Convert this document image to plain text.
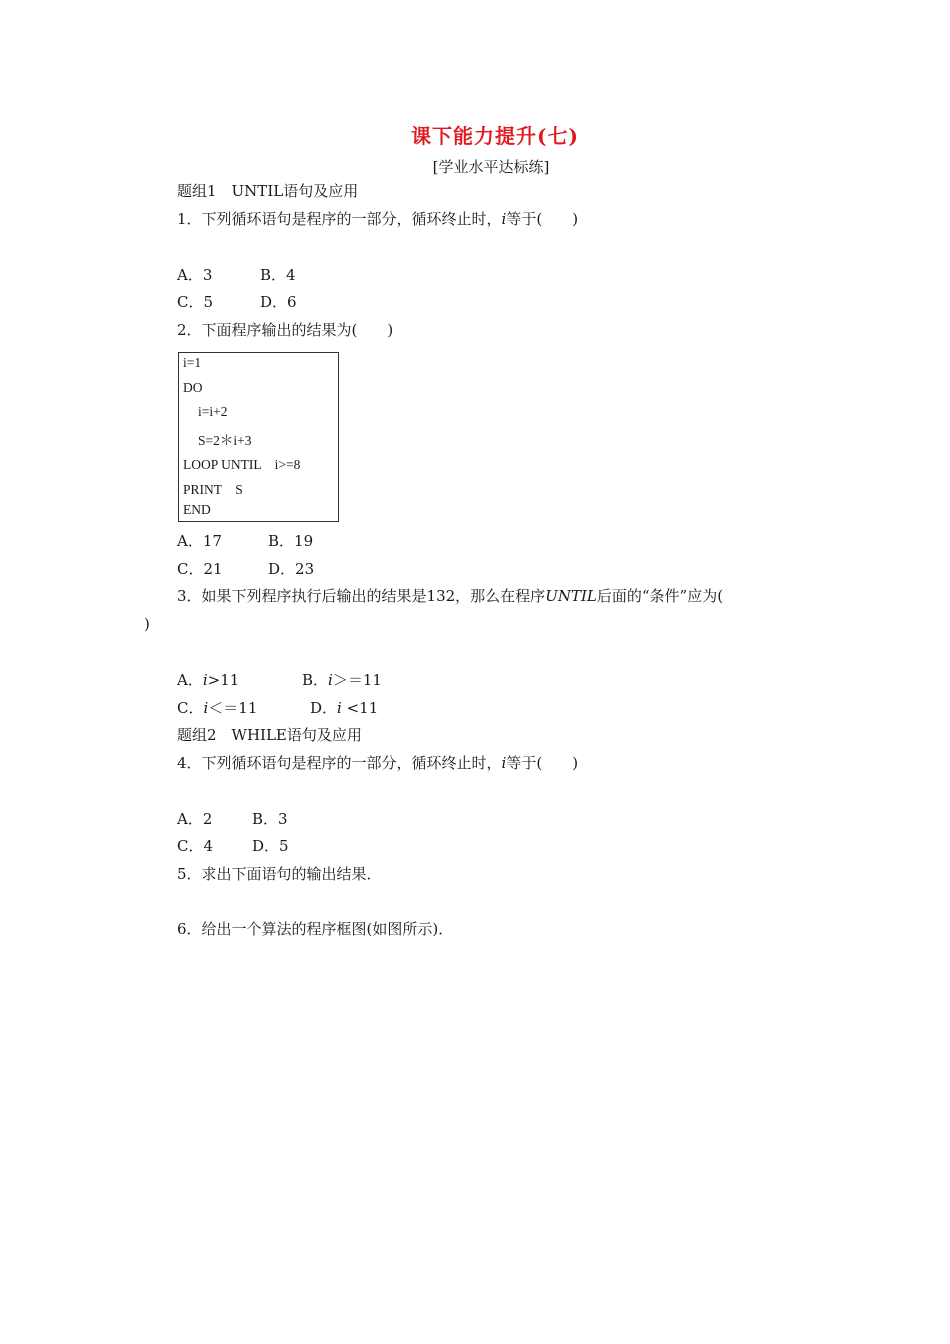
课下能力提升(七)
[学业水平达标练]
题组1　UNTIL语句及应用
1．下列循环语句是程序的一部分，循环终止时，i等于(　　)
A．3	B．4
C．5	D．6
2．下面程序输出的结果为(　　)
i=1
DO
i=i+2
S=2＊i+3
LOOP UNTIL　i>=8
PRINT　S
END
A．17	B．19
C．21	D．23
3．如果下列程序执行后输出的结果是132，那么在程序UNTIL后面的“条件”应为(
)
A．i>11	B．i＞＝11
C．i＜＝11	D．i <11
题组2　WHILE语句及应用
4．下列循环语句是程序的一部分，循环终止时，i等于(　　)
A．2	B．3
C．4	D．5
5．求出下面语句的输出结果．
6．给出一个算法的程序框图(如图所示)．
